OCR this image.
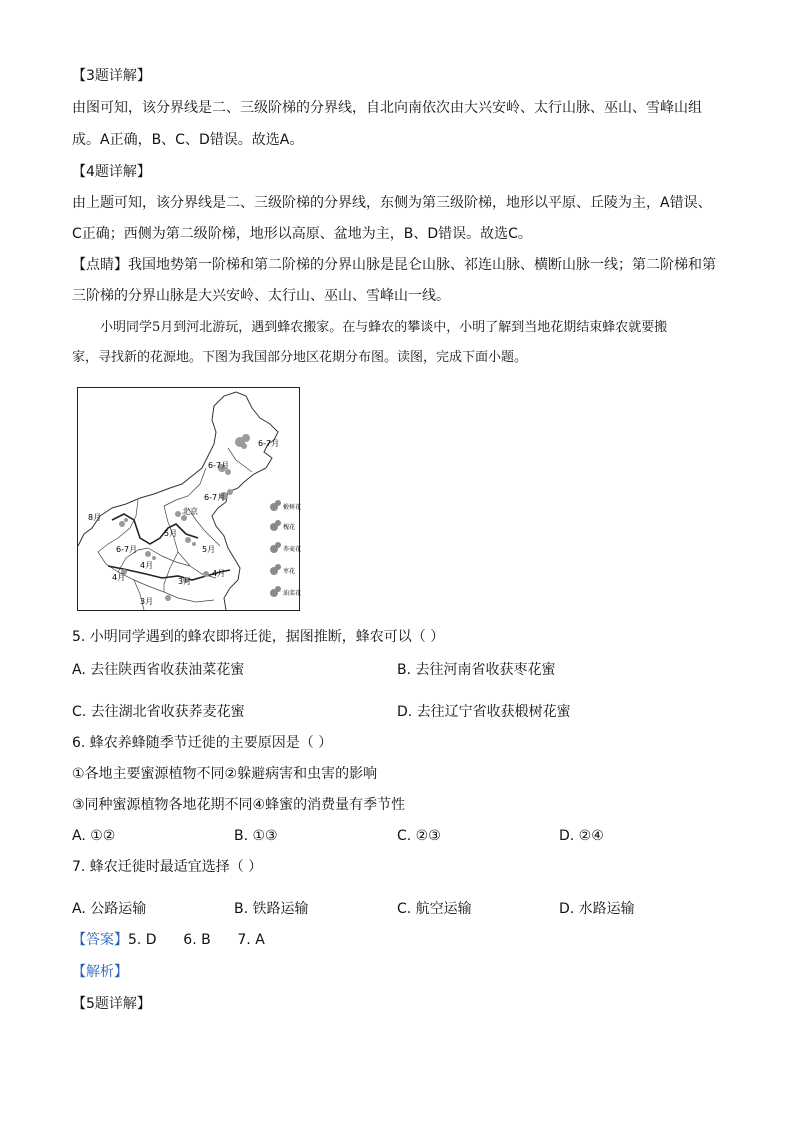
【3题详解】
由图可知，该分界线是二、三级阶梯的分界线，自北向南依次由大兴安岭、太行山脉、巫山、雪峰山组
成。A正确，B、C、D错误。故选A。
【4题详解】
由上题可知，该分界线是二、三级阶梯的分界线，东侧为第三级阶梯，地形以平原、丘陵为主，A错误、
C正确；西侧为第二级阶梯，地形以高原、盆地为主，B、D错误。故选C。
【点睛】我国地势第一阶梯和第二阶梯的分界山脉是昆仑山脉、祁连山脉、横断山脉一线；第二阶梯和第
三阶梯的分界山脉是大兴安岭、太行山、巫山、雪峰山一线。
小明同学5月到河北游玩，遇到蜂农搬家。在与蜂农的攀谈中，小明了解到当地花期结束蜂农就要搬
家，寻找新的花源地。下图为我国部分地区花期分布图。读图，完成下面小题。
6-7月
6-7月
6-7月
8月
北京
6-7月	5月
4月
4月	4月
3月
5月
3月
椴树花
槐花
荞麦花
枣花
油菜花
5. 小明同学遇到的蜂农即将迁徙，据图推断，蜂农可以（ ）
A. 去往陕西省收获油菜花蜜	B. 去往河南省收获枣花蜜
C. 去往湖北省收获荞麦花蜜	D. 去往辽宁省收获椴树花蜜
6. 蜂农养蜂随季节迁徙的主要原因是（ ）
①各地主要蜜源植物不同②躲避病害和虫害的影响
③同种蜜源植物各地花期不同④蜂蜜的消费量有季节性
A. ①②	B. ①③	C. ②③	D. ②④
7. 蜂农迁徙时最适宜选择（ ）
A. 公路运输	B. 铁路运输	C. 航空运输	D. 水路运输
【答案】5. D      6. B      7. A
【解析】
【5题详解】
